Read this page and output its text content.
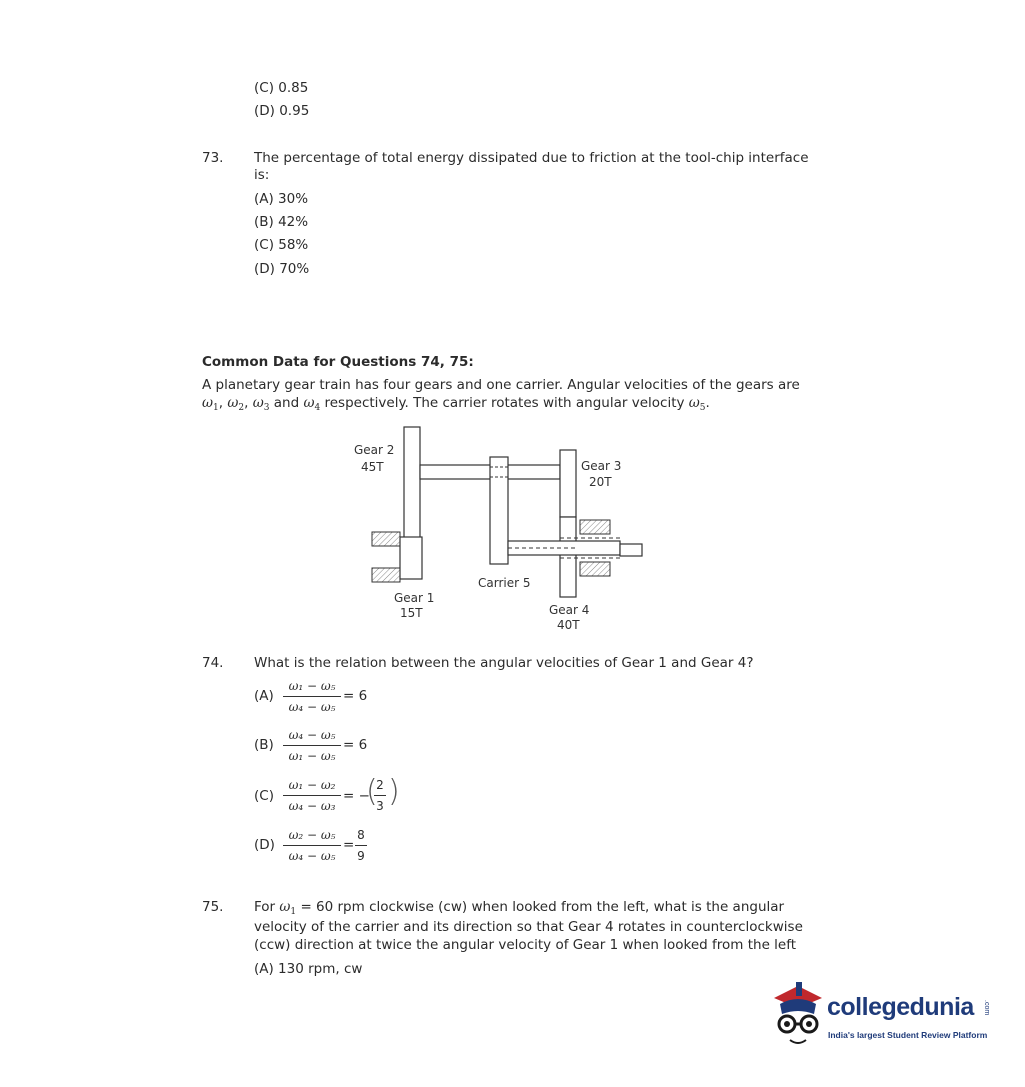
(C) 0.85
(D) 0.95
73. The percentage of total energy dissipated due to friction at the tool-chip interface
is:
(A) 30%
(B) 42%
(C) 58%
(D) 70%
Common Data for Questions 74, 75:
A planetary gear train has four gears and one carrier. Angular velocities of the gears are
$\omega_1$, $\omega_2$, $\omega_3$ and $\omega_4$ respectively. The carrier rotates with angular velocity $\omega_5$.
Gear 2
45T	Gear 3
20T
Carrier 5
Gear 1
15T	Gear 4
40T
74. What is the relation between the angular velocities of Gear 1 and Gear 4?
(A)
ω₁ − ω₅
ω₄ − ω₅
= 6
(B)
ω₄ − ω₅
ω₁ − ω₅
= 6
(C)
ω₁ − ω₂
ω₄ − ω₃
= −
(
2
3 )
(D)
ω₂ − ω₅
ω₄ − ω₅
=
8
9
75. For $\omega_1 = 60$ rpm clockwise (cw) when looked from the left, what is the angular
velocity of the carrier and its direction so that Gear 4 rotates in counterclockwise
(ccw) direction at twice the angular velocity of Gear 1 when looked from the left
(A) 130 rpm, cw
collegedunia .com
India's largest Student Review Platform
